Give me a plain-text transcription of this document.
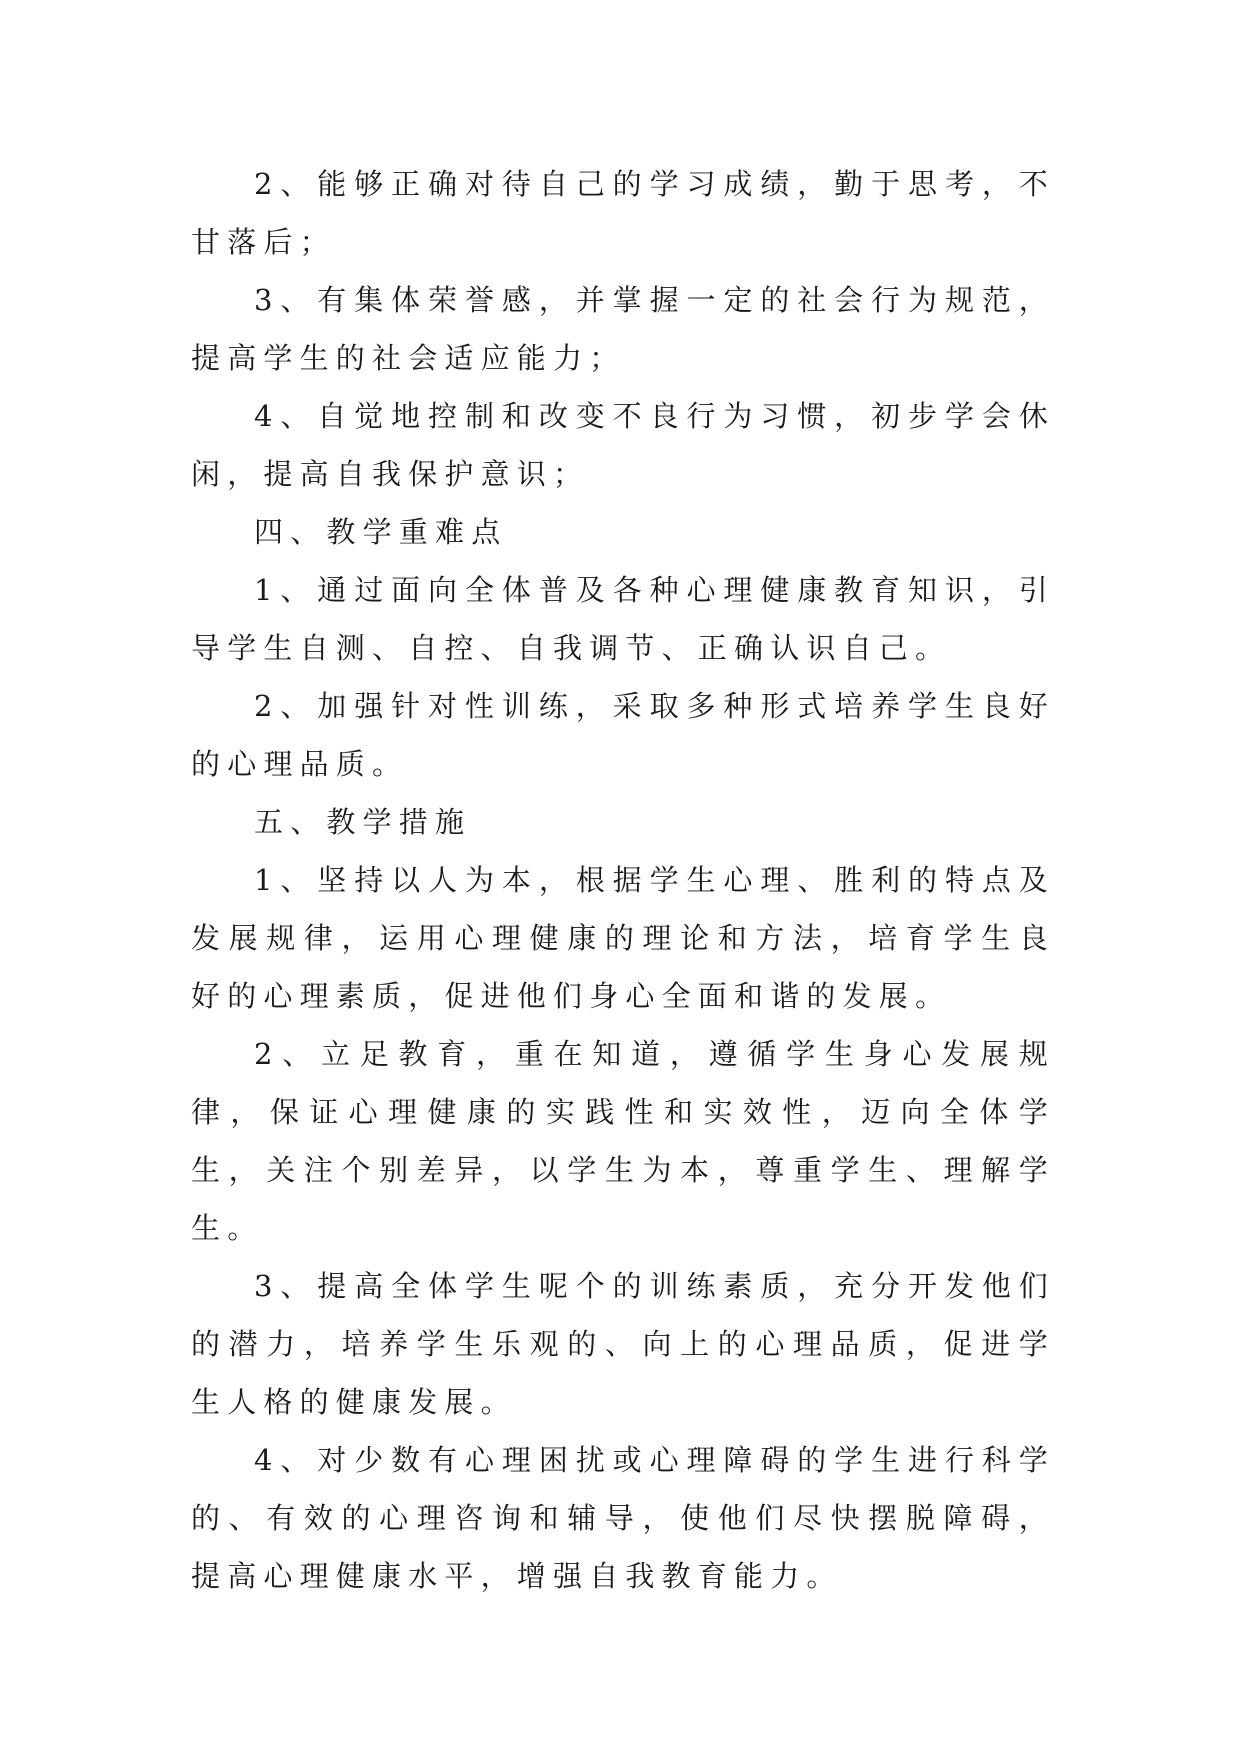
2、能够正确对待自己的学习成绩，勤于思考，不甘落后；

3、有集体荣誉感，并掌握一定的社会行为规范，提高学生的社会适应能力；

4、自觉地控制和改变不良行为习惯，初步学会休闲，提高自我保护意识；

四、教学重难点

1、通过面向全体普及各种心理健康教育知识，引导学生自测、自控、自我调节、正确认识自己。

2、加强针对性训练，采取多种形式培养学生良好的心理品质。

五、教学措施

1、坚持以人为本，根据学生心理、胜利的特点及发展规律，运用心理健康的理论和方法，培育学生良好的心理素质，促进他们身心全面和谐的发展。

2、立足教育，重在知道，遵循学生身心发展规律，保证心理健康的实践性和实效性，迈向全体学生，关注个别差异，以学生为本，尊重学生、理解学生。

3、提高全体学生呢个的训练素质，充分开发他们的潜力，培养学生乐观的、向上的心理品质，促进学生人格的健康发展。

4、对少数有心理困扰或心理障碍的学生进行科学的、有效的心理咨询和辅导，使他们尽快摆脱障碍，提高心理健康水平，增强自我教育能力。
